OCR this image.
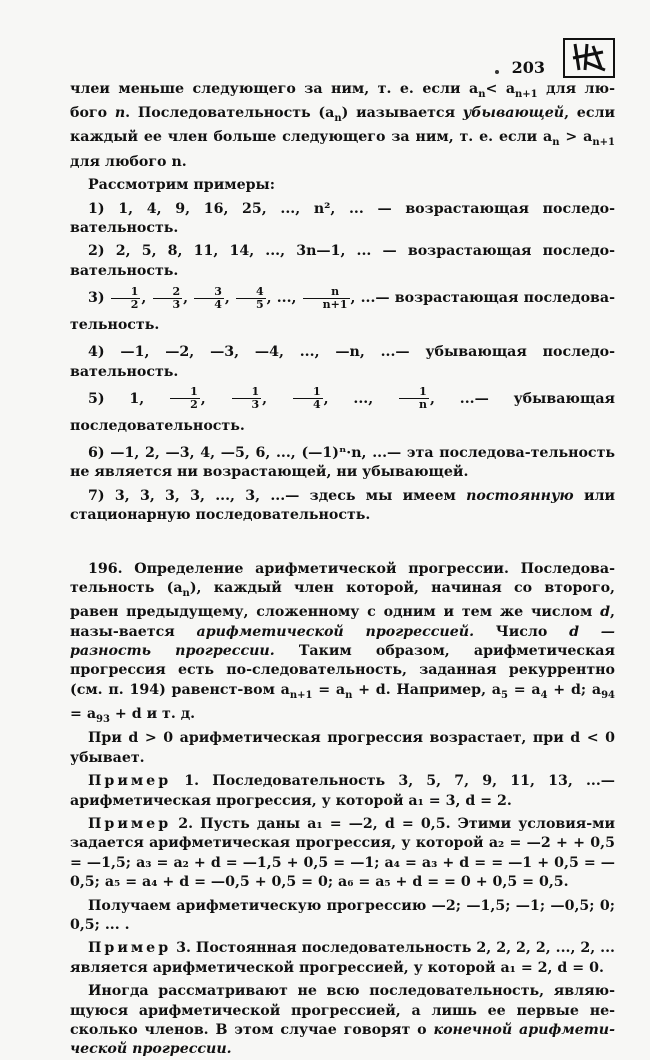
203

члеи меньше следующего за ним, т. е. если $a_n< a_{n+1}$ для лю- бого n. Последовательность $(a_n)$ иазывается убывающей, если каждый ее член больше следующего за ним, т. е. если $a_n > a_{n+1}$ для любого n.

Рассмотрим примеры:

1) 1, 4, 9, 16, 25, ..., n², ... — возрастающая последо-вательность.

2) 2, 5, 8, 11, 14, ..., 3n—1, ... — возрастающая последо-вательность.

$3) \frac{1}{2}$ , $\frac{2}{3}$ , $\frac{3}{4}$ , $\frac{4}{5}$ , ..., $\frac{n}{n+1}$ , ...— возрастающая последова-тельность.

4) —1, —2, —3, —4, ..., —n, ...— убывающая последо-вательность.

5) 1, $\frac{1}{2}$ , $\frac{1}{3}$ , $\frac{1}{4}$ , ..., $\frac{1}{n}$ , ...— убывающая последовательность.

6) —1, 2, —3, 4, —5, 6, ..., (—1)ⁿ·n, ...— эта последова-тельность не является ни возрастающей, ни убывающей.

7) 3, 3, 3, 3, ..., 3, ...— здесь мы имеем постоянную или стационарную последовательность.

196. Определение арифметической прогрессии. Последова-тельность $(a_n)$, каждый член которой, начиная со второго, равен предыдущему, сложенному с одним и тем же числом d, назы-вается арифметической прогрессией. Число d — разность прогрессии. Таким образом, арифметическая прогрессия есть по-следовательность, заданная рекуррентно (см. п. 194) равенст-вом $a_{n+1} = a_n + d$. Например, $a_5 = a_4 + d$; $a_{94} = a_{93} + d$ и т. д.

При d > 0 арифметическая прогрессия возрастает, при d < 0 убывает.

Пример 1. Последовательность 3, 5, 7, 9, 11, 13, ...— арифметическая прогрессия, у которой a₁ = 3, d = 2.

Пример 2. Пусть даны a₁ = —2, d = 0,5. Этими условия-ми задается арифметическая прогрессия, у которой a₂ = —2 + + 0,5 = —1,5; a₃ = a₂ + d = —1,5 + 0,5 = —1; a₄ = a₃ + d = = —1 + 0,5 = —0,5; a₅ = a₄ + d = —0,5 + 0,5 = 0; a₆ = a₅ + d = = 0 + 0,5 = 0,5.

Получаем арифметическую прогрессию —2; —1,5; —1; —0,5; 0; 0,5; ... .

Пример 3. Постоянная последовательность 2, 2, 2, 2, ..., 2, ... является арифметической прогрессией, у которой a₁ = 2, d = 0.

Иногда рассматривают не всю последовательность, являю-щуюся арифметической прогрессией, а лишь ее первые не-сколько членов. В этом случае говорят о конечной арифмети-ческой прогрессии.
